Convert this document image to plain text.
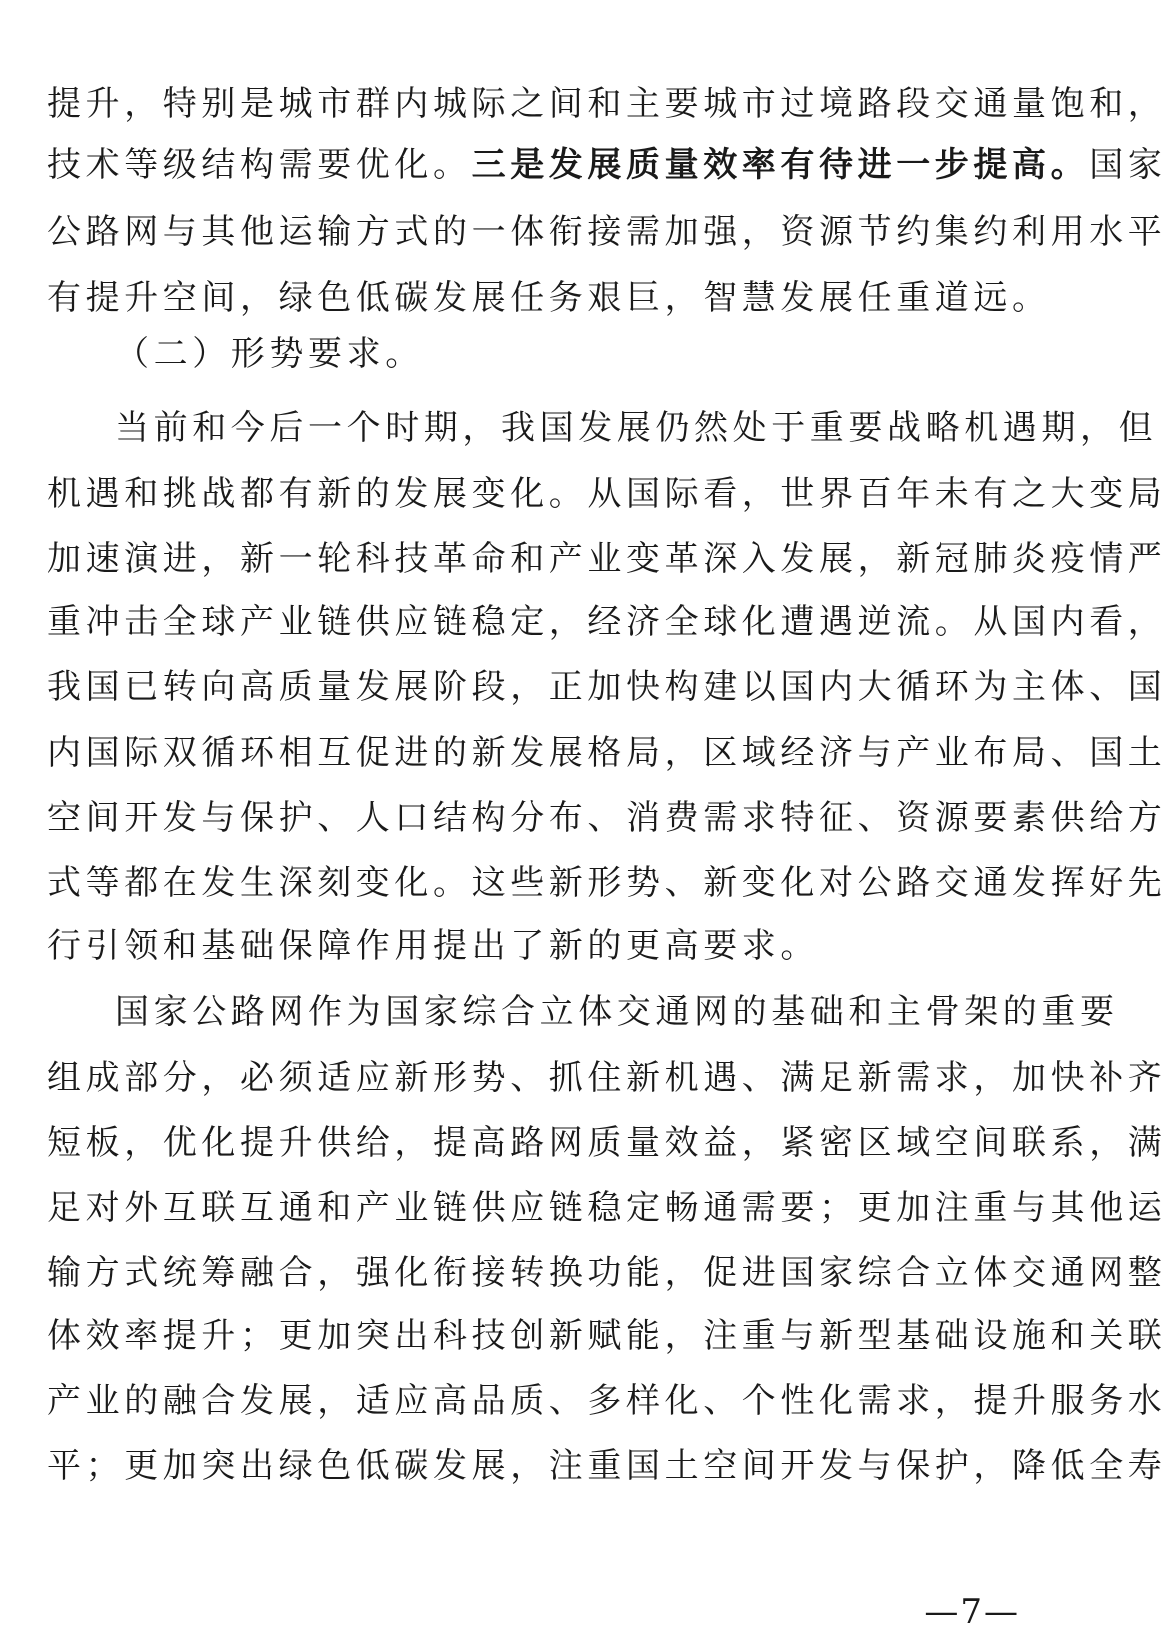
提升，特别是城市群内城际之间和主要城市过境路段交通量饱和，
技术等级结构需要优化。三是发展质量效率有待进一步提高。国家
公路网与其他运输方式的一体衔接需加强，资源节约集约利用水平
有提升空间，绿色低碳发展任务艰巨，智慧发展任重道远。
（二）形势要求。
当前和今后一个时期，我国发展仍然处于重要战略机遇期，但
机遇和挑战都有新的发展变化。从国际看，世界百年未有之大变局
加速演进，新一轮科技革命和产业变革深入发展，新冠肺炎疫情严
重冲击全球产业链供应链稳定，经济全球化遭遇逆流。从国内看，
我国已转向高质量发展阶段，正加快构建以国内大循环为主体、国
内国际双循环相互促进的新发展格局，区域经济与产业布局、国土
空间开发与保护、人口结构分布、消费需求特征、资源要素供给方
式等都在发生深刻变化。这些新形势、新变化对公路交通发挥好先
行引领和基础保障作用提出了新的更高要求。
国家公路网作为国家综合立体交通网的基础和主骨架的重要
组成部分，必须适应新形势、抓住新机遇、满足新需求，加快补齐
短板，优化提升供给，提高路网质量效益，紧密区域空间联系，满
足对外互联互通和产业链供应链稳定畅通需要；更加注重与其他运
输方式统筹融合，强化衔接转换功能，促进国家综合立体交通网整
体效率提升；更加突出科技创新赋能，注重与新型基础设施和关联
产业的融合发展，适应高品质、多样化、个性化需求，提升服务水
平；更加突出绿色低碳发展，注重国土空间开发与保护，降低全寿
—7—
